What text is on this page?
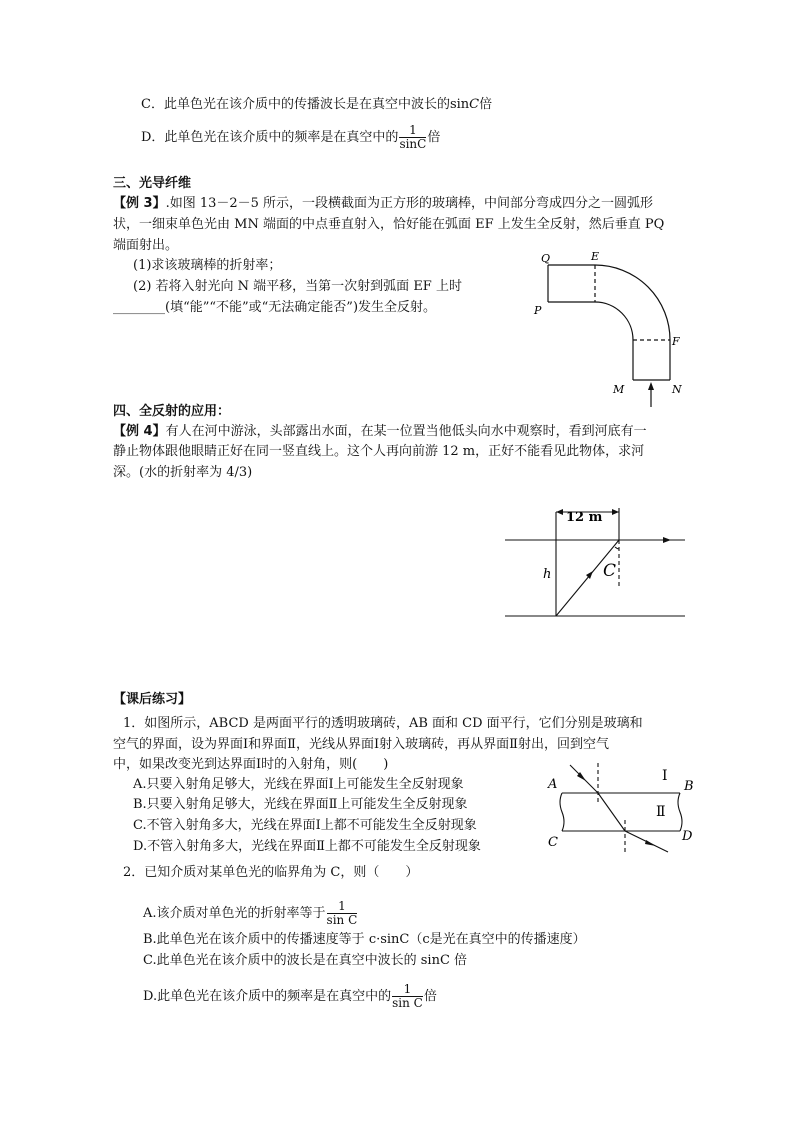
C．此单色光在该介质中的传播波长是在真空中波长的sinC倍
D．此单色光在该介质中的频率是在真空中的 $\frac{1}{\sin C}$ 倍
三、光导纤维
【例 3】.如图 13－2－5 所示，一段横截面为正方形的玻璃棒，中间部分弯成四分之一圆弧形
状，一细束单色光由 MN 端面的中点垂直射入，恰好能在弧面 EF 上发生全反射，然后垂直 PQ
端面射出。
(1)求该玻璃棒的折射率；
(2) 若将入射光向 N 端平移，当第一次射到弧面 EF 上时
________(填“能”“不能”或“无法确定能否”)发生全反射。
Q	E
P
F
M	N
四、全反射的应用：
【例 4】有人在河中游泳，头部露出水面，在某一位置当他低头向水中观察时，看到河底有一
静止物体跟他眼睛正好在同一竖直线上。这个人再向前游 12 m，正好不能看见此物体，求河
深。(水的折射率为 4/3)
12 m
h	C
【课后练习】
1．如图所示，ABCD 是两面平行的透明玻璃砖，AB 面和 CD 面平行，它们分别是玻璃和
空气的界面，设为界面Ⅰ和界面Ⅱ，光线从界面Ⅰ射入玻璃砖，再从界面Ⅱ射出，回到空气
中，如果改变光到达界面Ⅰ时的入射角，则(　　)
A.只要入射角足够大，光线在界面Ⅰ上可能发生全反射现象
B.只要入射角足够大，光线在界面Ⅱ上可能发生全反射现象
C.不管入射角多大，光线在界面Ⅰ上都不可能发生全反射现象
D.不管入射角多大，光线在界面Ⅱ上都不可能发生全反射现象
A	B
C	D
Ⅰ
Ⅱ
2．已知介质对某单色光的临界角为 C，则（　　）
A.该介质对单色光的折射率等于 $\frac{1}{\text{sin C}}$
B.此单色光在该介质中的传播速度等于 c·sinC（c是光在真空中的传播速度）
C.此单色光在该介质中的波长是在真空中波长的 sinC 倍
D.此单色光在该介质中的频率是在真空中的 $\frac{1}{\text{sin C}}$ 倍
